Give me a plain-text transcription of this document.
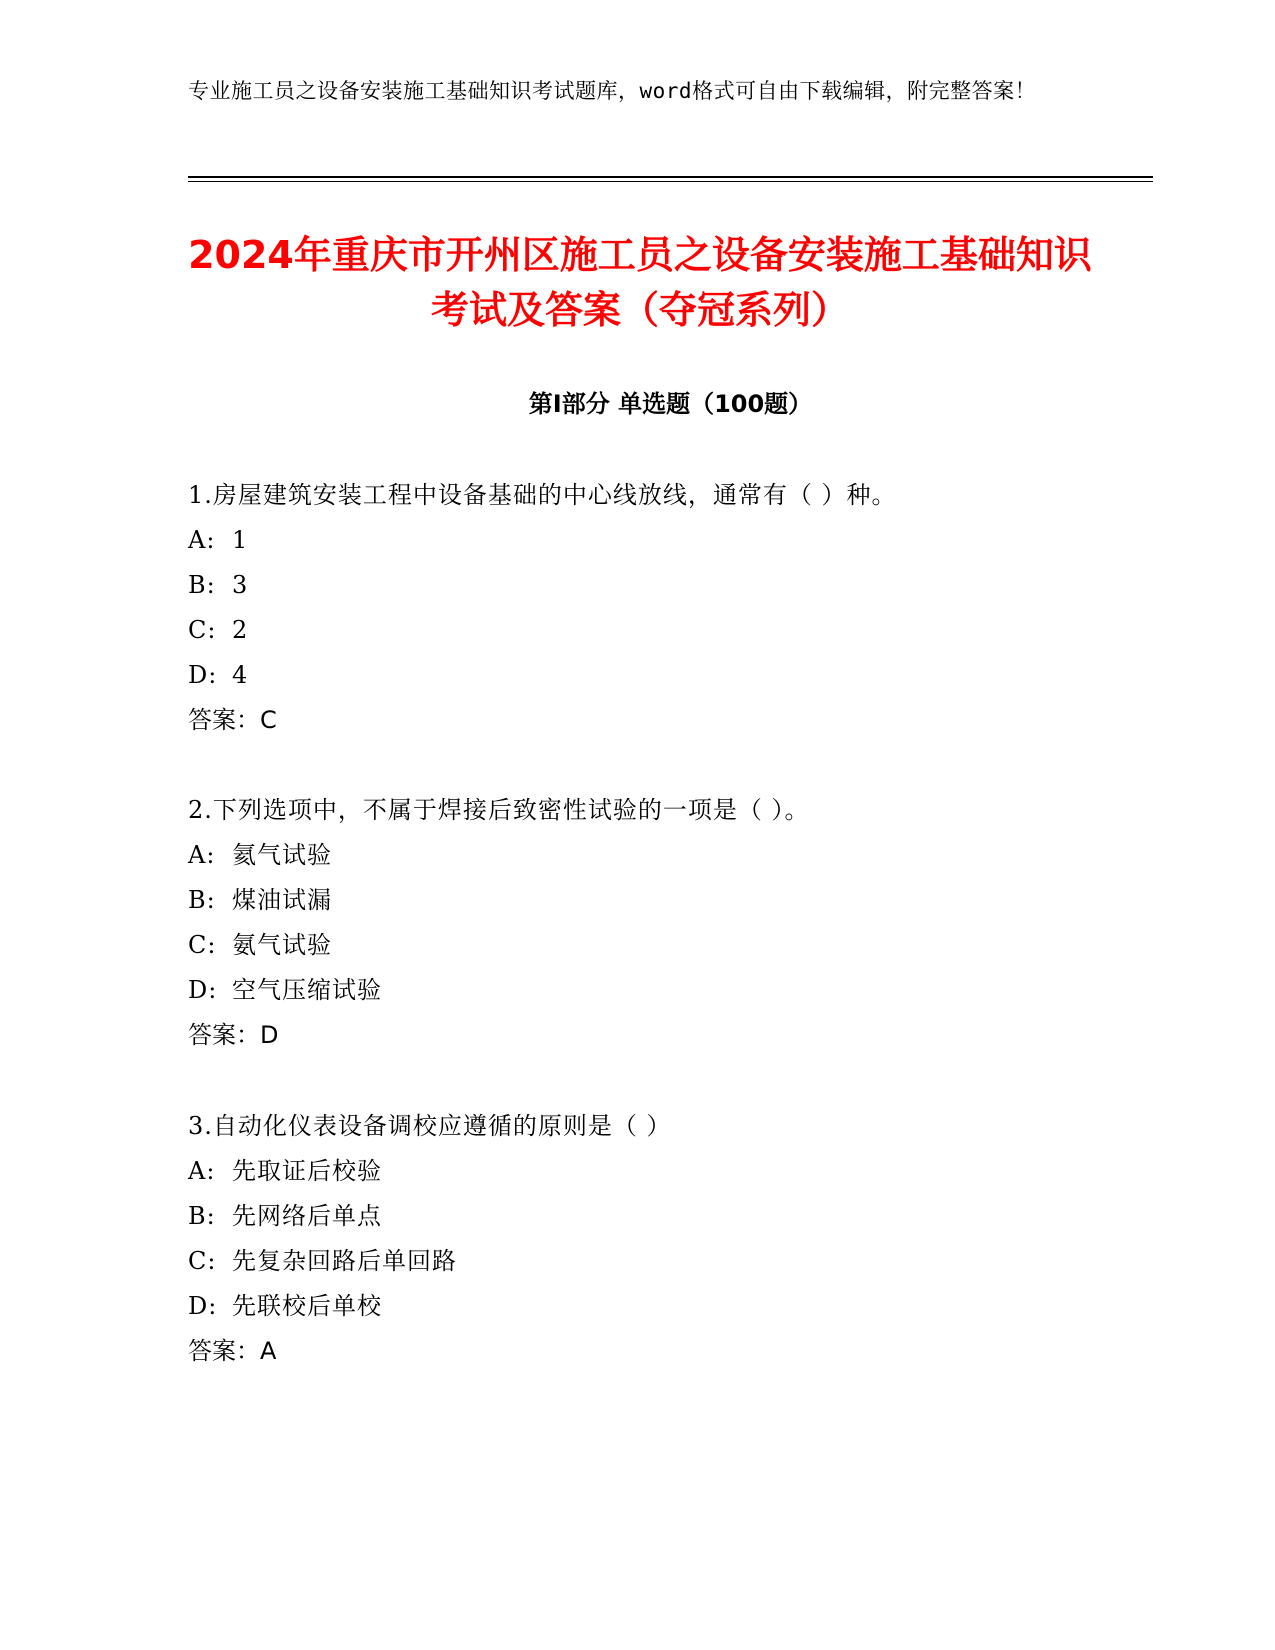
专业施工员之设备安装施工基础知识考试题库，word格式可自由下载编辑，附完整答案！
2024年重庆市开州区施工员之设备安装施工基础知识考试及答案（夺冠系列）
第Ⅰ部分 单选题（100题）
1.房屋建筑安装工程中设备基础的中心线放线，通常有（ ）种。
A: 1
B: 3
C: 2
D: 4
答案：C
2.下列选项中，不属于焊接后致密性试验的一项是（ ）。
A: 氦气试验
B: 煤油试漏
C: 氨气试验
D: 空气压缩试验
答案：D
3.自动化仪表设备调校应遵循的原则是（ ）
A: 先取证后校验
B: 先网络后单点
C: 先复杂回路后单回路
D: 先联校后单校
答案：A
